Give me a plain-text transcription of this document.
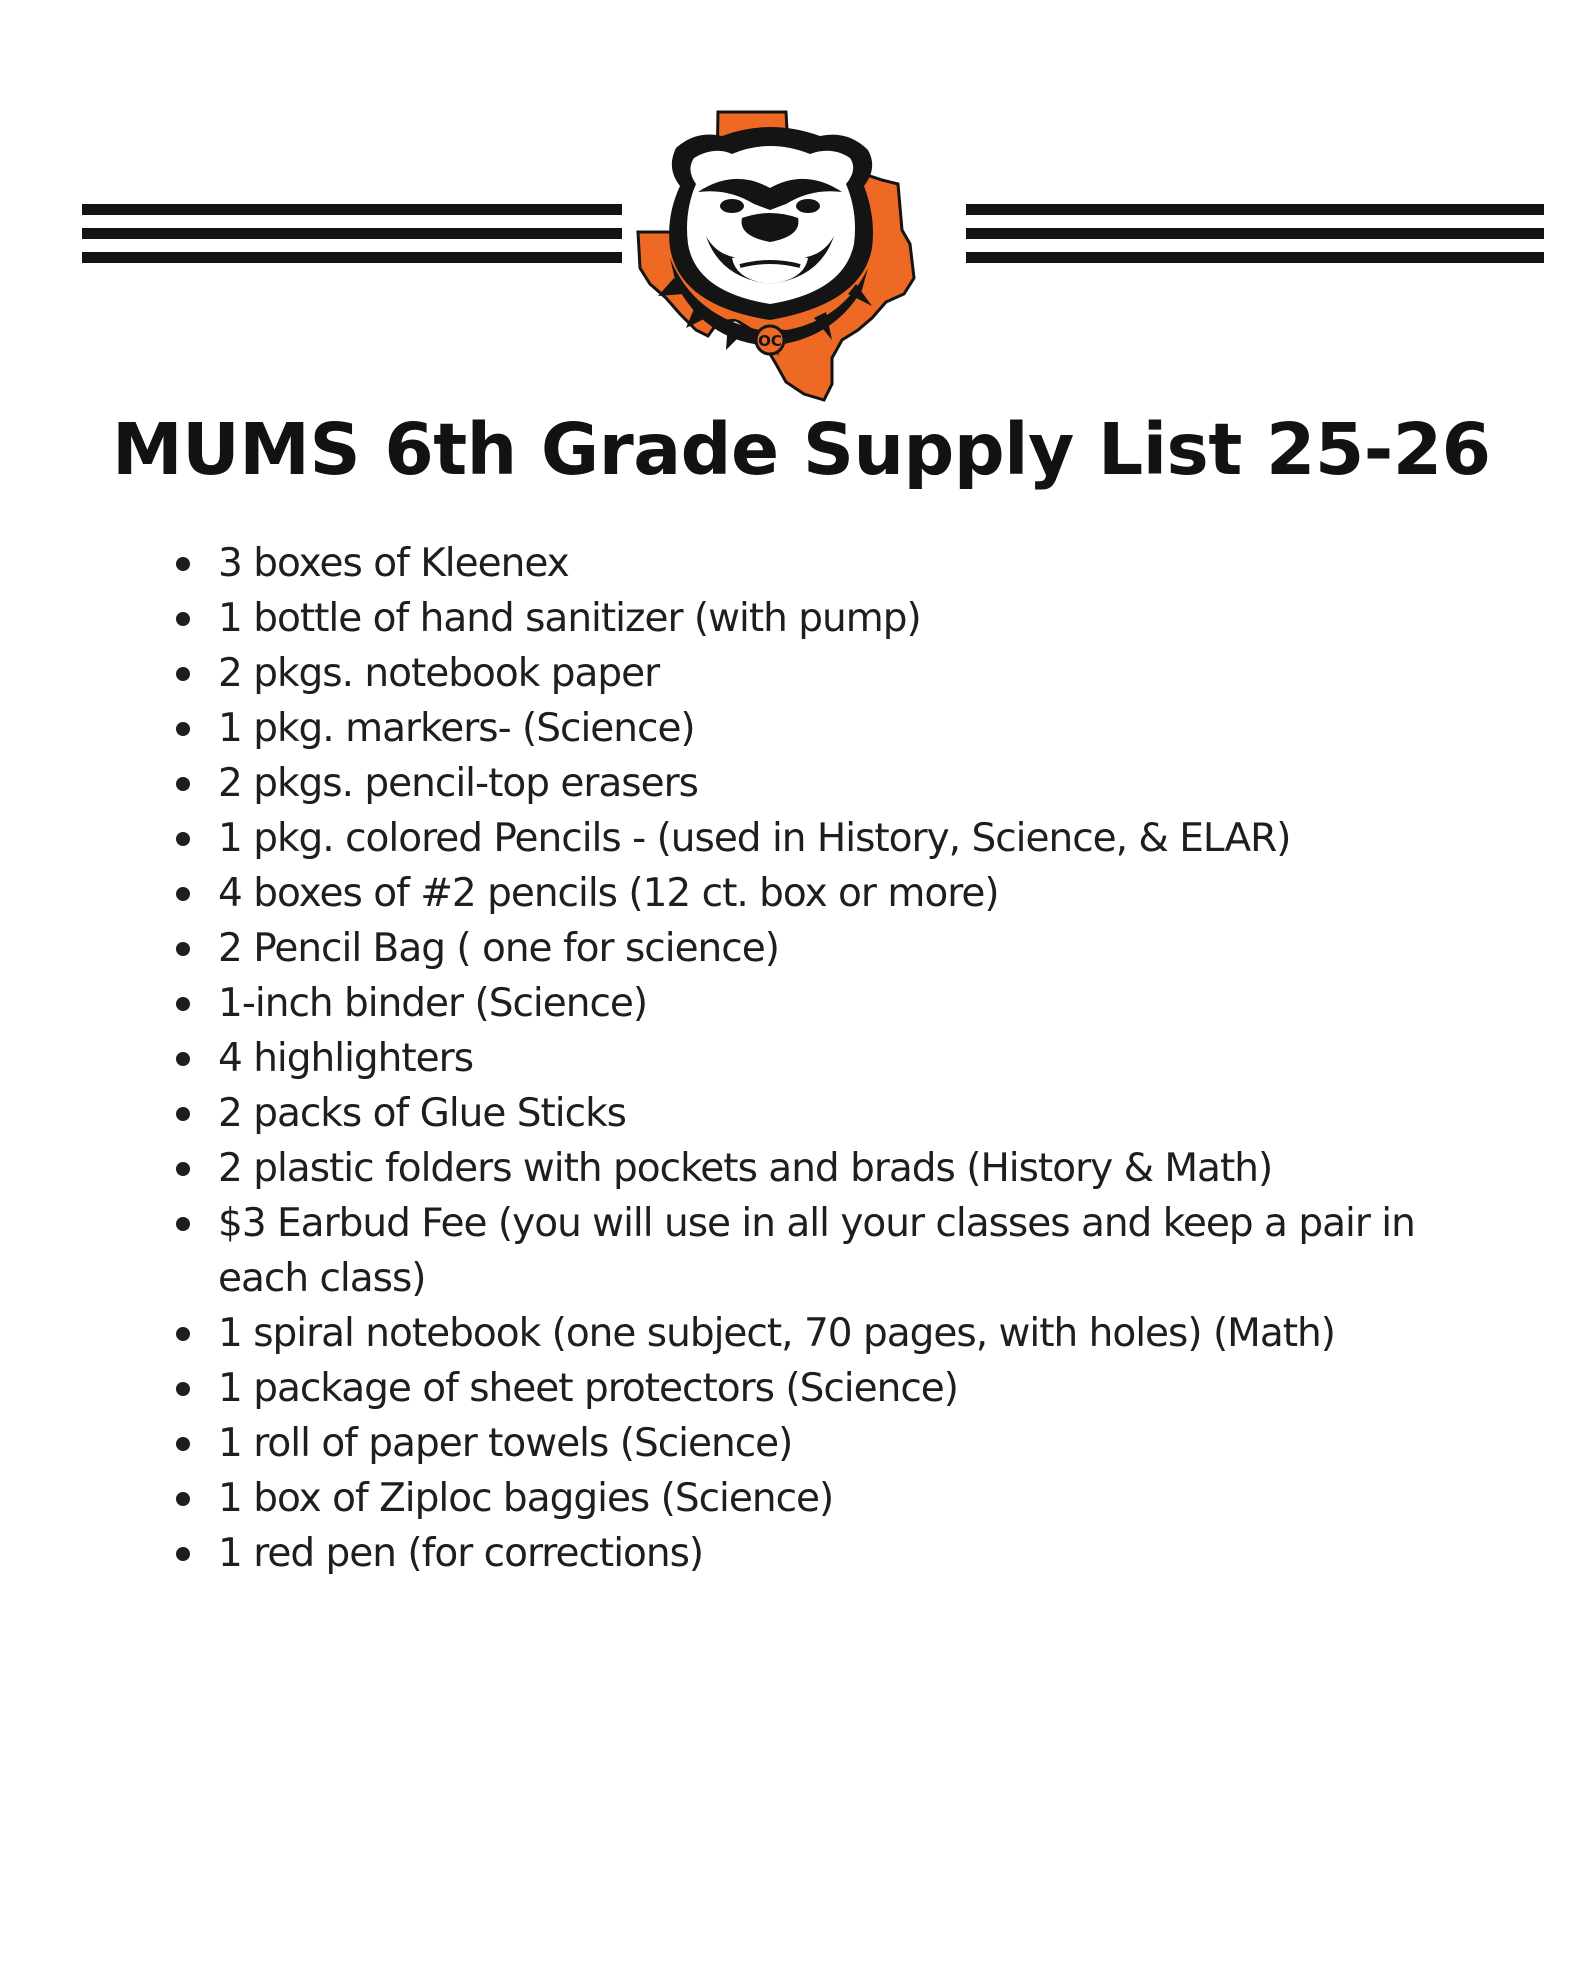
OC
MUMS 6th Grade Supply List 25-26
3 boxes of Kleenex
1 bottle of hand sanitizer (with pump)
2 pkgs. notebook paper
1 pkg. markers- (Science)
2 pkgs. pencil-top erasers
1 pkg. colored Pencils - (used in History, Science, & ELAR)
4 boxes of #2 pencils (12 ct. box or more)
2 Pencil Bag ( one for science)
1-inch binder (Science)
4 highlighters
2 packs of Glue Sticks
2 plastic folders with pockets and brads (History & Math)
$3 Earbud Fee (you will use in all your classes and keep a pair in each class)
1 spiral notebook (one subject, 70 pages, with holes) (Math)
1 package of sheet protectors (Science)
1 roll of paper towels (Science)
1 box of Ziploc baggies (Science)
1 red pen (for corrections)
